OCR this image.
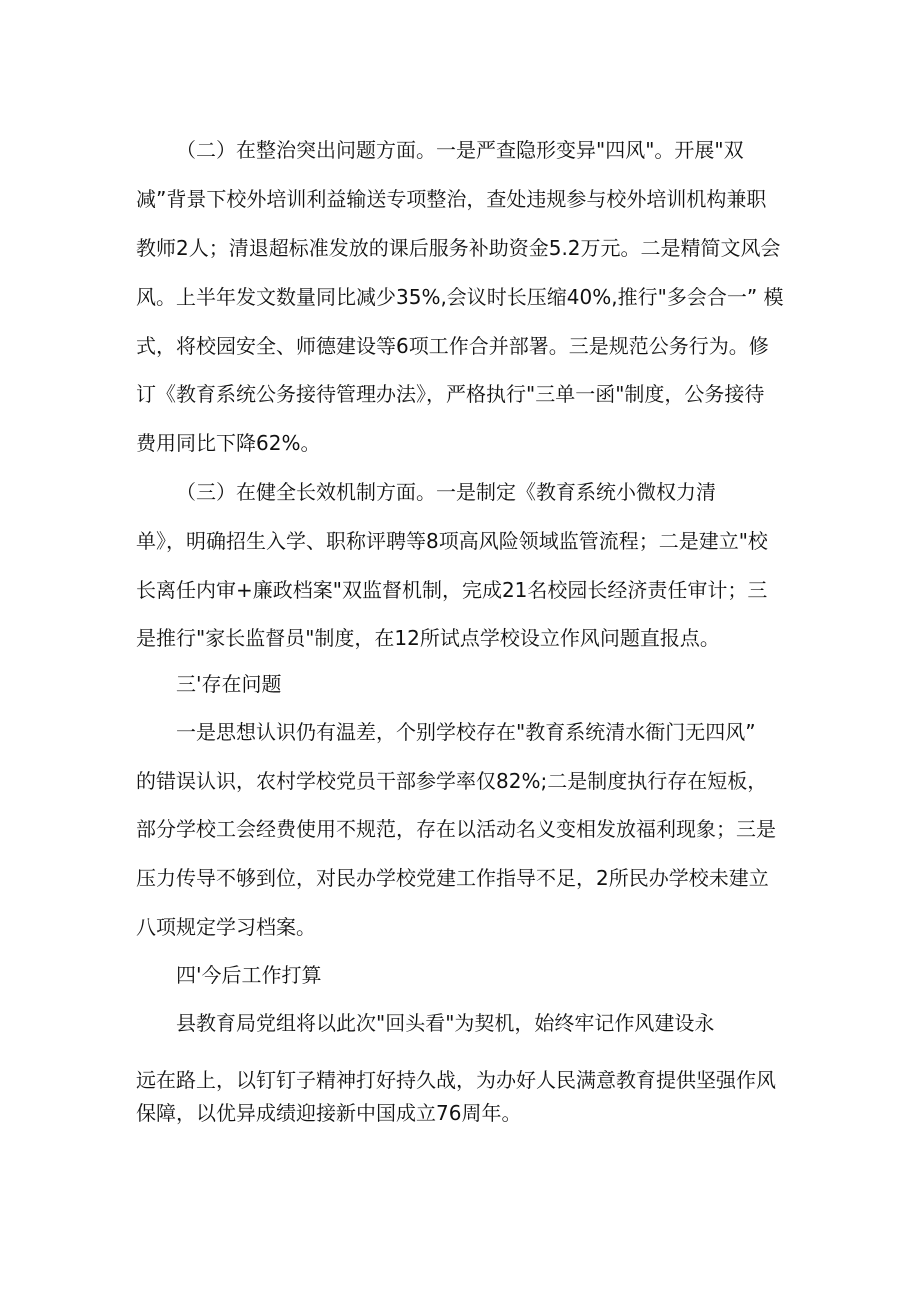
（二）在整治突出问题方面。一是严查隐形变异"四风"。开展"双
减”背景下校外培训利益输送专项整治，查处违规参与校外培训机构兼职
教师2人；清退超标准发放的课后服务补助资金5.2万元。二是精简文风会
风。上半年发文数量同比减少35%,会议时长压缩40%,推行"多会合一” 模
式，将校园安全、师德建设等6项工作合并部署。三是规范公务行为。修
订《教育系统公务接待管理办法》，严格执行"三单一函"制度，公务接待
费用同比下降62%。
（三）在健全长效机制方面。一是制定《教育系统小微权力清
单》，明确招生入学、职称评聘等8项高风险领域监管流程；二是建立"校
长离任内审+廉政档案"双监督机制，完成21名校园长经济责任审计；三
是推行"家长监督员"制度，在12所试点学校设立作风问题直报点。
三'存在问题
一是思想认识仍有温差，个别学校存在"教育系统清水衙门无四风”
的错误认识，农村学校党员干部参学率仅82%;二是制度执行存在短板，
部分学校工会经费使用不规范，存在以活动名义变相发放福利现象；三是
压力传导不够到位，对民办学校党建工作指导不足，2所民办学校未建立
八项规定学习档案。
四'今后工作打算
县教育局党组将以此次"回头看"为契机，始终牢记作风建设永
远在路上，以钉钉子精神打好持久战，为办好人民满意教育提供坚强作风
保障，以优异成绩迎接新中国成立76周年。
